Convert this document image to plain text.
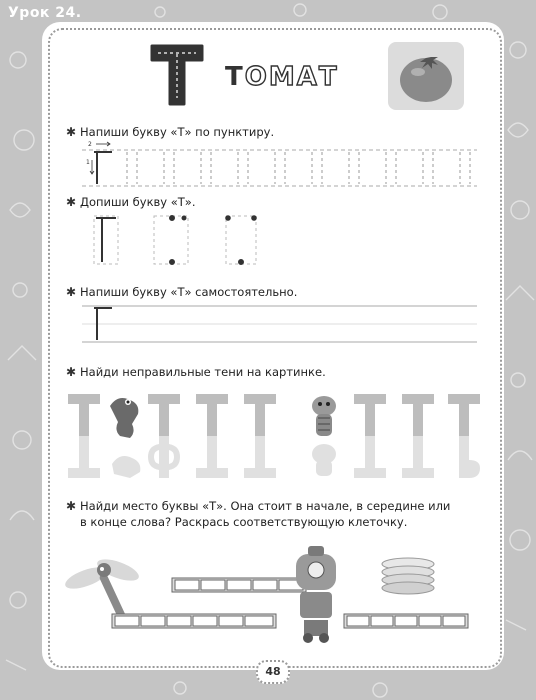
Урок 24.
ТОМАТ
✱ Напиши букву «Т» по пунктиру.
2
1
✱ Допиши букву «Т».
✱ Напиши букву «Т» самостоятельно.
✱ Найди неправильные тени на картинке.
✱ Найди место буквы «Т». Она стоит в начале, в середине или
в конце слова? Раскрась соответствующую клеточку.
48
